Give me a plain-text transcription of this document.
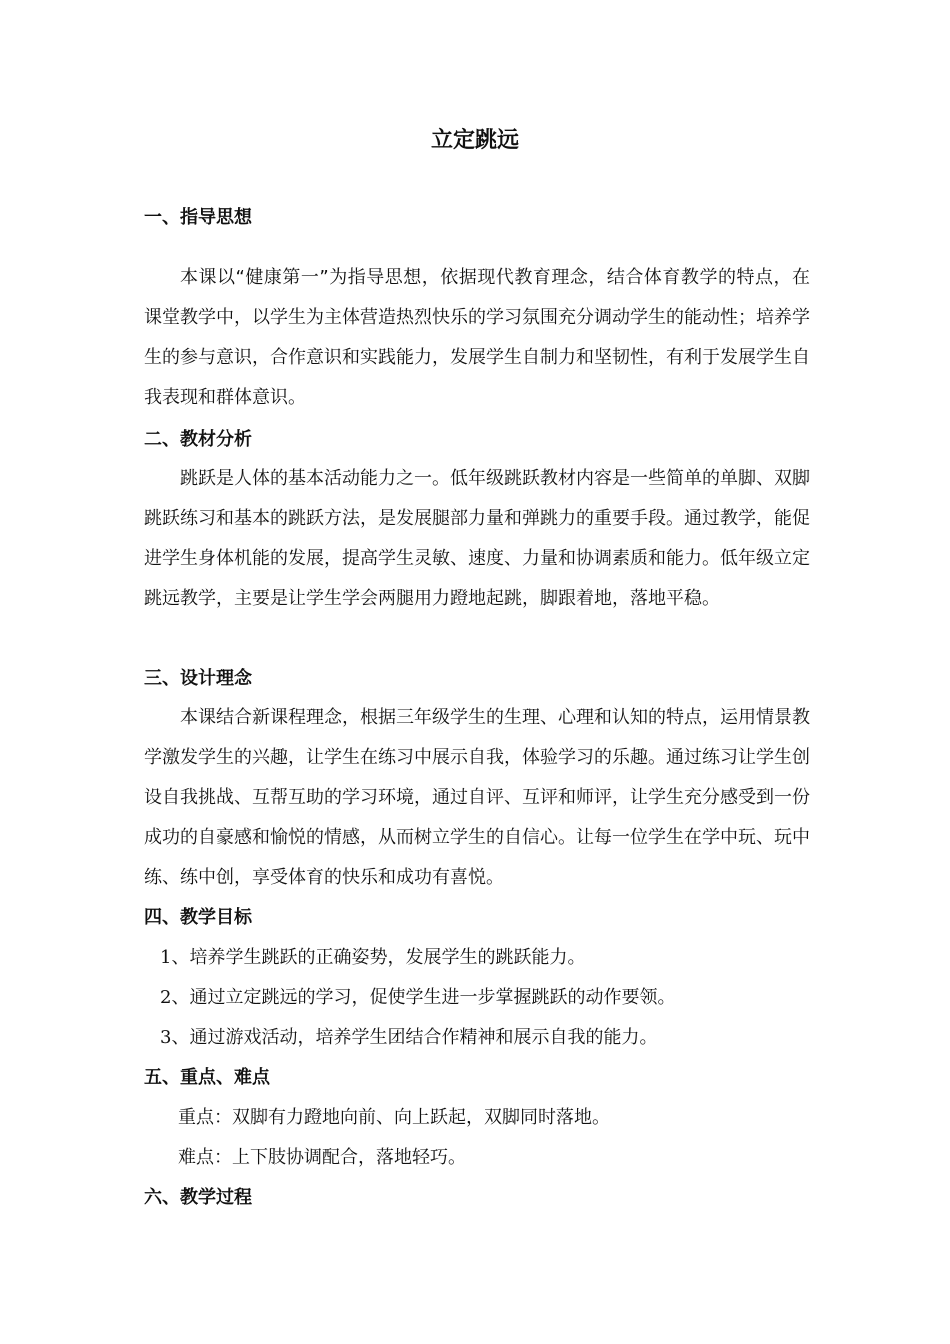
立定跳远
一、指导思想
本课以“健康第一”为指导思想，依据现代教育理念，结合体育教学的特点，在课堂教学中，以学生为主体营造热烈快乐的学习氛围充分调动学生的能动性；培养学生的参与意识，合作意识和实践能力，发展学生自制力和坚韧性，有利于发展学生自我表现和群体意识。
二、教材分析
跳跃是人体的基本活动能力之一。低年级跳跃教材内容是一些简单的单脚、双脚跳跃练习和基本的跳跃方法，是发展腿部力量和弹跳力的重要手段。通过教学，能促进学生身体机能的发展，提高学生灵敏、速度、力量和协调素质和能力。低年级立定跳远教学，主要是让学生学会两腿用力蹬地起跳，脚跟着地，落地平稳。
三、设计理念
本课结合新课程理念，根据三年级学生的生理、心理和认知的特点，运用情景教学激发学生的兴趣，让学生在练习中展示自我，体验学习的乐趣。通过练习让学生创设自我挑战、互帮互助的学习环境，通过自评、互评和师评，让学生充分感受到一份成功的自豪感和愉悦的情感，从而树立学生的自信心。让每一位学生在学中玩、玩中练、练中创，享受体育的快乐和成功有喜悦。
四、教学目标
1、培养学生跳跃的正确姿势，发展学生的跳跃能力。
2、通过立定跳远的学习，促使学生进一步掌握跳跃的动作要领。
3、通过游戏活动，培养学生团结合作精神和展示自我的能力。
五、重点、难点
重点：双脚有力蹬地向前、向上跃起，双脚同时落地。
难点：上下肢协调配合，落地轻巧。
六、教学过程
